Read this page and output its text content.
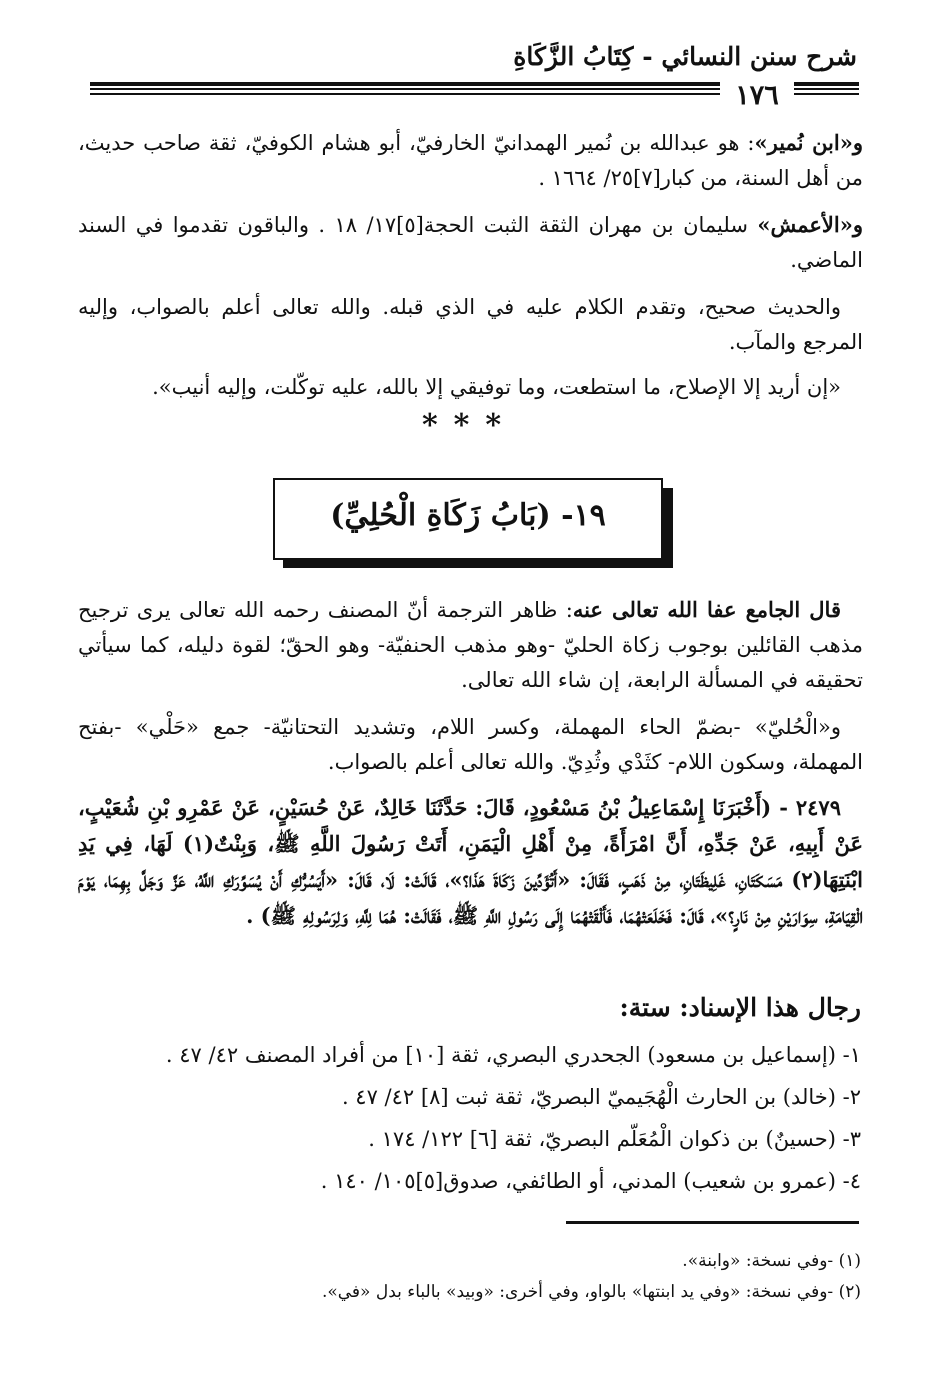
شرح سنن النسائي - كِتَابُ الزَّكَاةِ
١٧٦
و«ابن نُمير»: هو عبدالله بن نُمير الهمدانيّ الخارفيّ، أبو هشام الكوفيّ، ثقة صاحب حديث، من أهل السنة، من كبار[٧]٢٥/ ١٦٦٤ .
و«الأعمش» سليمان بن مهران الثقة الثبت الحجة[٥]١٧/ ١٨ . والباقون تقدموا في السند الماضي.
والحديث صحيح، وتقدم الكلام عليه في الذي قبله. والله تعالى أعلم بالصواب، وإليه المرجع والمآب.
«إن أريد إلا الإصلاح، ما استطعت، وما توفيقي إلا بالله، عليه توكّلت، وإليه أنيب».
***
١٩- (بَابُ زَكَاةِ الْحُلِيِّ)
قال الجامع عفا الله تعالى عنه: ظاهر الترجمة أنّ المصنف رحمه الله تعالى يرى ترجيح مذهب القائلين بوجوب زكاة الحليّ -وهو مذهب الحنفيّة- وهو الحقّ؛ لقوة دليله، كما سيأتي تحقيقه في المسألة الرابعة، إن شاء الله تعالى.
و«الْحُليّ» -بضمّ الحاء المهملة، وكسر اللام، وتشديد التحتانيّة- جمع «حَلْي» -بفتح المهملة، وسكون اللام- كثَدْي وثُدِيّ. والله تعالى أعلم بالصواب.
٢٤٧٩ - (أَخْبَرَنَا إِسْمَاعِيلُ بْنُ مَسْعُودٍ، قَالَ: حَدَّثَنَا خَالِدٌ، عَنْ حُسَيْنٍ، عَنْ عَمْرِو بْنِ شُعَيْبٍ، عَنْ أَبِيهِ، عَنْ جَدِّهِ، أَنَّ امْرَأَةً، مِنْ أَهْلِ الْيَمَنِ، أَتَتْ رَسُولَ اللَّهِ ﷺ، وَبِنْتٌ(١) لَهَا، فِي يَدِ ابْنَتِهَا(٢) مَسَكَتَانِ، غَلِيظَتَانِ، مِنْ ذَهَبٍ، فَقَالَ: «أَتُؤَدِّينَ زَكَاةَ هَذَا؟»، قَالَتْ: لَا، قَالَ: «أَيَسُرُّكِ أَنْ يُسَوِّرَكِ اللَّهُ، عَزَّ وَجَلَّ بِهِمَا، يَوْمَ الْقِيَامَةِ، سِوَارَيْنِ مِنْ نَارٍ؟»، قَالَ: فَخَلَعَتْهُمَا، فَأَلْقَتْهُمَا إِلَى رَسُولِ اللَّهِ ﷺ، فَقَالَتْ: هُمَا لِلَّهِ، وَلِرَسُولِهِ ﷺ) .
رجال هذا الإسناد: ستة:
١- (إسماعيل بن مسعود) الجحدري البصري، ثقة [١٠] من أفراد المصنف ٤٢/ ٤٧ .
٢- (خالد) بن الحارث الْهُجَيميّ البصريّ، ثقة ثبت [٨] ٤٢/ ٤٧ .
٣- (حسينٌ) بن ذكوان الْمُعَلّم البصريّ، ثقة [٦] ١٢٢/ ١٧٤ .
٤- (عمرو بن شعيب) المدني، أو الطائفي، صدوق[٥]١٠٥/ ١٤٠ .
(١) -وفي نسخة: «وابنة».
(٢) -وفي نسخة: «وفي يد ابنتها» بالواو، وفي أخرى: «وبيد» بالباء بدل «في».
